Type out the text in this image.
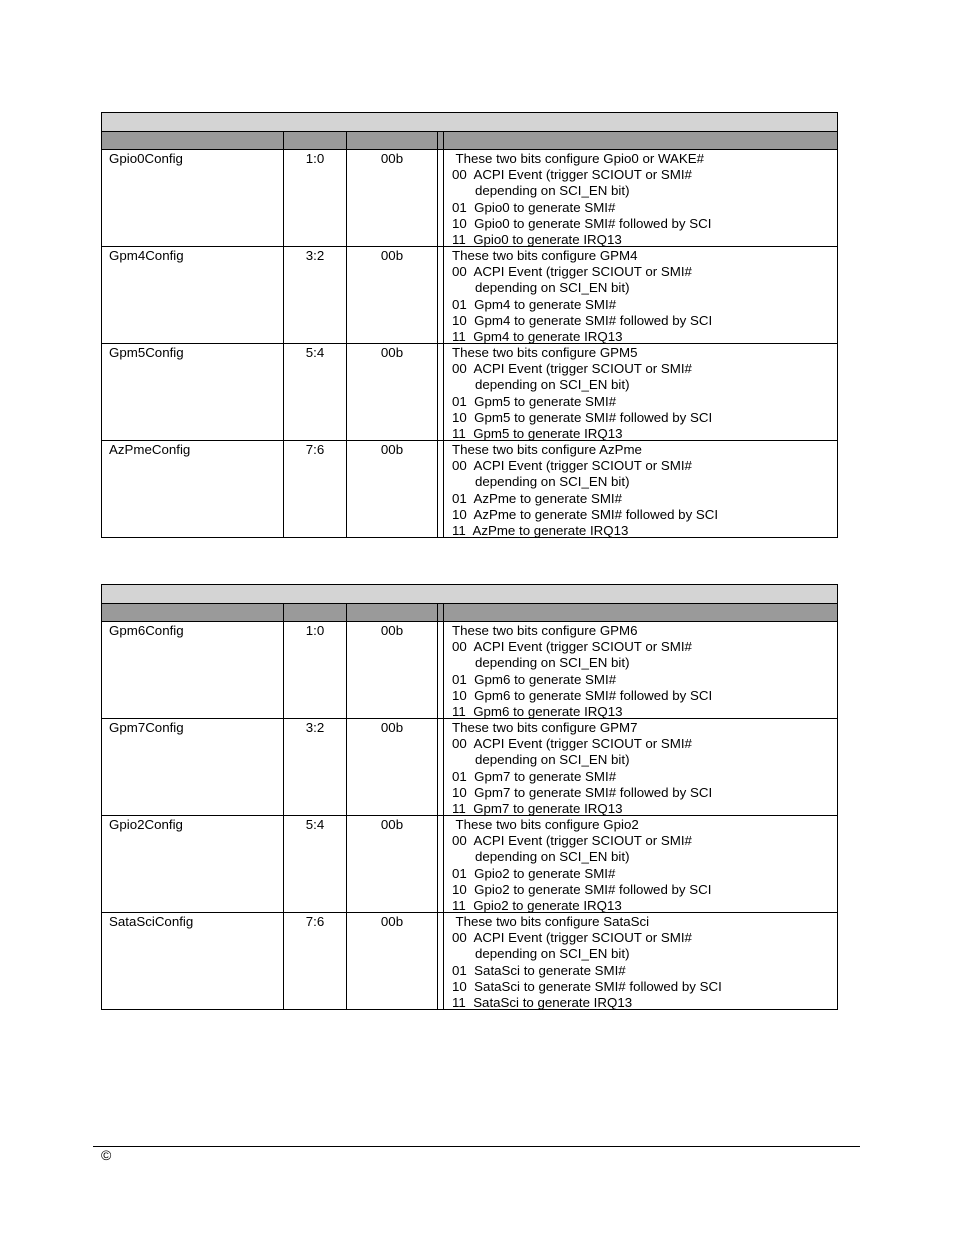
Gpio0Config	1:0	00b	These two bits configure Gpio0 or WAKE#
00  ACPI Event (trigger SCIOUT or SMI#
depending on SCI_EN bit)
01  Gpio0 to generate SMI#
10  Gpio0 to generate SMI# followed by SCI
11  Gpio0 to generate IRQ13
Gpm4Config	3:2	00b	These two bits configure GPM4
00  ACPI Event (trigger SCIOUT or SMI#
depending on SCI_EN bit)
01  Gpm4 to generate SMI#
10  Gpm4 to generate SMI# followed by SCI
11  Gpm4 to generate IRQ13
Gpm5Config	5:4	00b	These two bits configure GPM5
00  ACPI Event (trigger SCIOUT or SMI#
depending on SCI_EN bit)
01  Gpm5 to generate SMI#
10  Gpm5 to generate SMI# followed by SCI
11  Gpm5 to generate IRQ13
AzPmeConfig	7:6	00b	These two bits configure AzPme
00  ACPI Event (trigger SCIOUT or SMI#
depending on SCI_EN bit)
01  AzPme to generate SMI#
10  AzPme to generate SMI# followed by SCI
11  AzPme to generate IRQ13
Gpm6Config	1:0	00b	These two bits configure GPM6
00  ACPI Event (trigger SCIOUT or SMI#
depending on SCI_EN bit)
01  Gpm6 to generate SMI#
10  Gpm6 to generate SMI# followed by SCI
11  Gpm6 to generate IRQ13
Gpm7Config	3:2	00b	These two bits configure GPM7
00  ACPI Event (trigger SCIOUT or SMI#
depending on SCI_EN bit)
01  Gpm7 to generate SMI#
10  Gpm7 to generate SMI# followed by SCI
11  Gpm7 to generate IRQ13
Gpio2Config	5:4	00b	These two bits configure Gpio2
00  ACPI Event (trigger SCIOUT or SMI#
depending on SCI_EN bit)
01  Gpio2 to generate SMI#
10  Gpio2 to generate SMI# followed by SCI
11  Gpio2 to generate IRQ13
SataSciConfig	7:6	00b	These two bits configure SataSci
00  ACPI Event (trigger SCIOUT or SMI#
depending on SCI_EN bit)
01  SataSci to generate SMI#
10  SataSci to generate SMI# followed by SCI
11  SataSci to generate IRQ13
©
